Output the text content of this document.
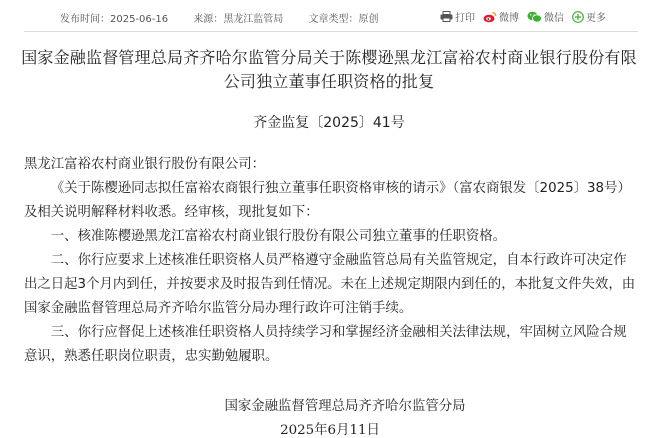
发布时间：2025-06-16	来源：黑龙江监管局	文章类型：原创	打印 微博	微信 更多
国家金融监督管理总局齐齐哈尔监管分局关于陈樱逊黑龙江富裕农村商业银行股份有限公司独立董事任职资格的批复
齐金监复〔2025〕41号

黑龙江富裕农村商业银行股份有限公司：

《关于陈樱逊同志拟任富裕农商银行独立董事任职资格审核的请示》（富农商银发〔2025〕38号）及相关说明解释材料收悉。经审核，现批复如下：

一、核准陈樱逊黑龙江富裕农村商业银行股份有限公司独立董事的任职资格。

二、你行应要求上述核准任职资格人员严格遵守金融监管总局有关监管规定，自本行政许可决定作出之日起3个月内到任，并按要求及时报告到任情况。未在上述规定期限内到任的，本批复文件失效，由国家金融监督管理总局齐齐哈尔监管分局办理行政许可注销手续。

三、你行应督促上述核准任职资格人员持续学习和掌握经济金融相关法律法规，牢固树立风险合规意识，熟悉任职岗位职责，忠实勤勉履职。

国家金融监督管理总局齐齐哈尔监管分局
2025年6月11日
